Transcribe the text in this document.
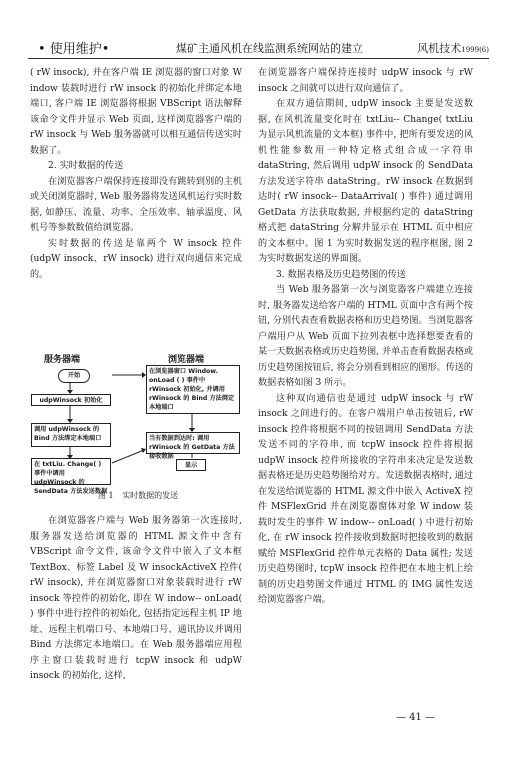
• 使用维护•	煤矿主通风机在线监测系统网站的建立	风机技术1999(6)

( rW insock), 并在客户端 IE 浏览器的窗口对象 W indow 装载时进行 rW insock 的初始化并绑定本地端口, 客户端 IE 浏览器将根据 VBScript 语法解释该命令文件并显示 Web 页面, 这样浏览器客户端的 rW insock 与 Web 服务器就可以相互通信传送实时数据了。

2. 实时数据的传送

在浏览器客户端保持连接即没有跳转到别的主机或关闭浏览器时, Web 服务器将发送风机运行实时数据, 如静压、流量、功率、全压效率、轴承温度、风机号等参数数值给浏览器。

实时数据的传送是靠两个 W insock 控件(udpW insock、rW insock) 进行双向通信来完成的。

服务器端	浏览器端
开始
udpWinsock 初始化
调用 udpWinsock 的 Bind 方法绑定本地端口
在 txtLiu. Change( ) 事件中调用 udpWinsock 的 SendData 方法发送数据
在浏览器窗口 Window. onLoad ( ) 事件中 rWinsock 初始化, 并调用 rWinsock 的 Bind 方法绑定本地端口
当有数据到达时: 调用 rWinsock 的 GetData 方法接收数据
显示
图 1 实时数据的发送

在浏览器客户端与 Web 服务器第一次连接时, 服务器发送给浏览器的 HTML 源文件中含有 VBScript 命令文件, 该命令文件中嵌入了文本框 TextBox、标签 Label 及 W insockActiveX 控件( rW insock), 并在浏览器窗口对象装载时进行 rW insock 等控件的初始化, 即在 W indow-- onLoad( ) 事件中进行控件的初始化, 包括指定远程主机 IP 地址、远程主机端口号、本地端口号、通讯协议并调用 Bind 方法绑定本地端口。在 Web 服务器端应用程序主窗口装载时进行 tcpW insock 和 udpW insock 的初始化, 这样,

在浏览器客户端保持连接时 udpW insock 与 rW insock 之间就可以进行双向通信了。

在双方通信期间, udpW insock 主要是发送数据, 在风机流量变化时在 txtLiu-- Change( txtLiu 为显示风机流量的文本框) 事件中, 把所有要发送的风机性能参数用一种特定格式组合成一字符串 dataString, 然后调用 udpW insock 的 SendData 方法发送字符串 dataString。rW insock 在数据到达时( rW insock-- DataArrival( ) 事件) 通过调用 GetData 方法获取数据, 并根据约定的 dataString 格式把 dataString 分解并显示在 HTML 页中相应的文本框中。图 1 为实时数据发送的程序框图, 图 2 为实时数据发送的界面图。

3. 数据表格及历史趋势图的传送

当 Web 服务器第一次与浏览器客户端建立连接时, 服务器发送给客户端的 HTML 页面中含有两个按钮, 分别代表查看数据表格和历史趋势图。当浏览器客户端用户从 Web 页面下拉列表框中选择想要查看的某一天数据表格或历史趋势图, 并单击查看数据表格或历史趋势图按钮后, 将会分别看到相应的图形。传送的数据表格如图 3 所示。

这种双向通信也是通过 udpW insock 与 rW insock 之间进行的。在客户端用户单击按钮后, rW insock 控件将根据不同的按钮调用 SendData 方法发送不同的字符串, 而 tcpW insock 控件将根据 udpW insock 控件所接收的字符串来决定是发送数据表格还是历史趋势图给对方。发送数据表格时, 通过在发送给浏览器的 HTML 源文件中嵌入 ActiveX 控件 MSFlexGrid 并在浏览器窗体对象 W indow 装载时发生的事件 W indow-- onLoad( ) 中进行初始化, 在 rW insock 控件接收到数据时把接收到的数据赋给 MSFlexGrid 控件单元表格的 Data 属性; 发送历史趋势图时, tcpW insock 控件把在本地主机上绘制的历史趋势图文件通过 HTML 的 IMG 属性发送给浏览器客户端。

— 41 —
